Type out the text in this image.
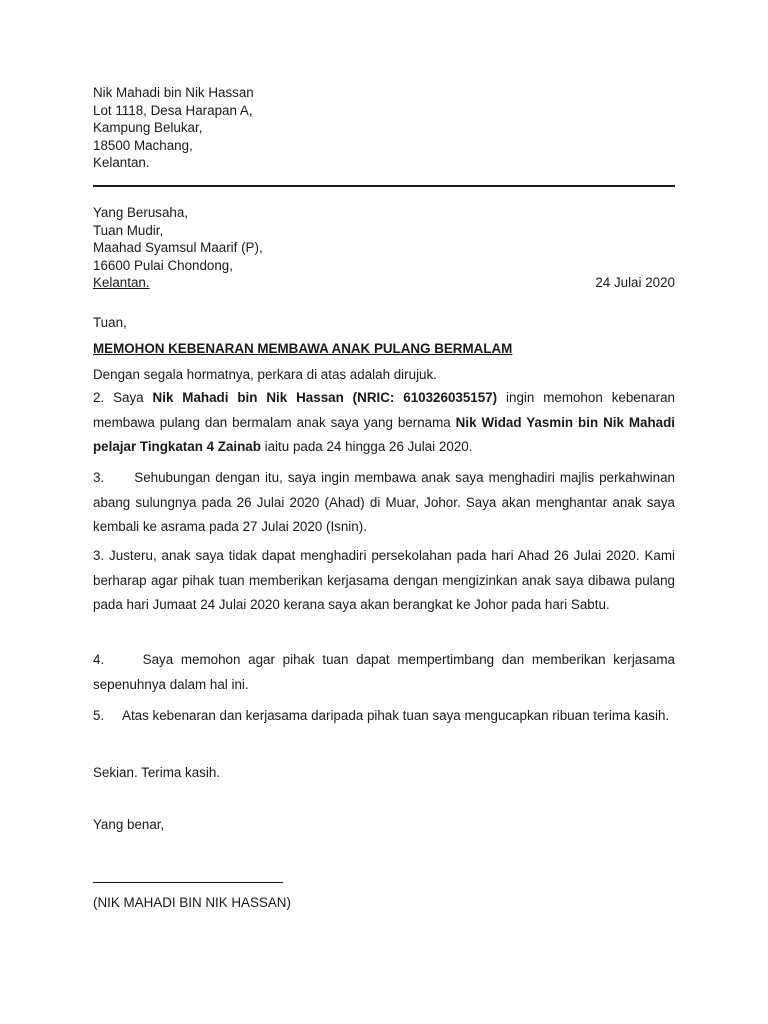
Nik Mahadi bin Nik Hassan
Lot 1118, Desa Harapan A,
Kampung Belukar,
18500 Machang,
Kelantan.
Yang Berusaha,
Tuan Mudir,
Maahad Syamsul Maarif (P),
16600 Pulai Chondong,
Kelantan.	24 Julai 2020
Tuan,
MEMOHON KEBENARAN MEMBAWA ANAK PULANG BERMALAM
Dengan segala hormatnya, perkara di atas adalah dirujuk.
2. Saya Nik Mahadi bin Nik Hassan (NRIC: 610326035157) ingin memohon kebenaran membawa pulang dan bermalam anak saya yang bernama Nik Widad Yasmin bin Nik Mahadi pelajar Tingkatan 4 Zainab iaitu pada 24 hingga 26 Julai 2020.
3.      Sehubungan dengan itu, saya ingin membawa anak saya menghadiri majlis perkahwinan abang sulungnya pada 26 Julai 2020 (Ahad) di Muar, Johor. Saya akan menghantar anak saya kembali ke asrama pada 27 Julai 2020 (Isnin).
3. Justeru, anak saya tidak dapat menghadiri persekolahan pada hari Ahad 26 Julai 2020. Kami berharap agar pihak tuan memberikan kerjasama dengan mengizinkan anak saya dibawa pulang pada hari Jumaat 24 Julai 2020 kerana saya akan berangkat ke Johor pada hari Sabtu.
4.     Saya memohon agar pihak tuan dapat mempertimbang dan memberikan kerjasama sepenuhnya dalam hal ini.
5.     Atas kebenaran dan kerjasama daripada pihak tuan saya mengucapkan ribuan terima kasih.
Sekian. Terima kasih.
Yang benar,
(NIK MAHADI BIN NIK HASSAN)
